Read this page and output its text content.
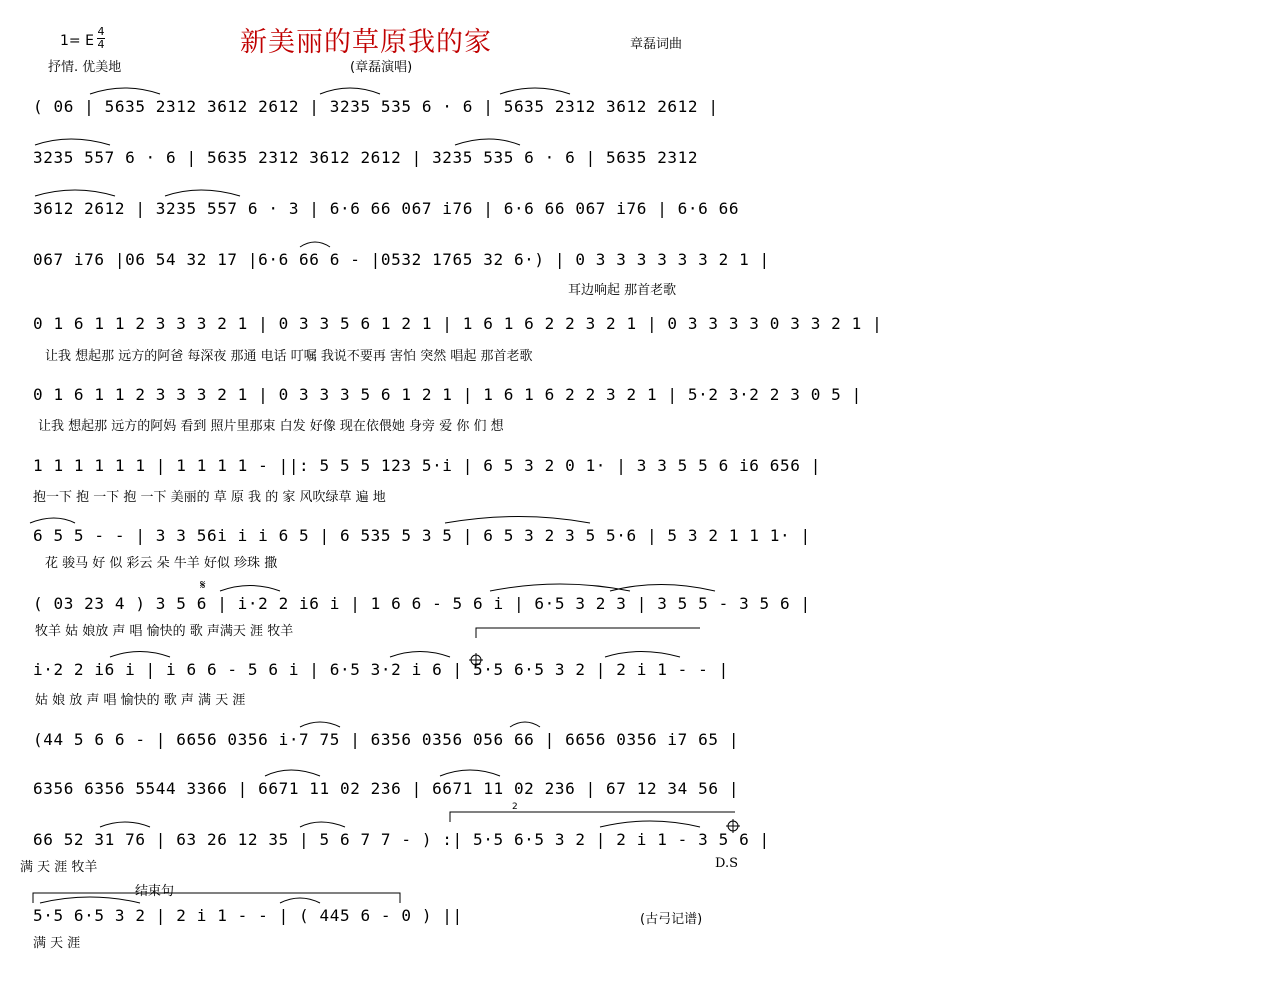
新美丽的草原我的家
1= E
4
4
抒情. 优美地
章磊词曲
(章磊演唱)
( 06 | 5635 2312 3612 2612 | 3235 535 6 · 6 | 5635 2312 3612 2612 |
3235 557 6 · 6 | 5635 2312 3612 2612 | 3235 535 6 · 6 | 5635 2312
3612 2612 | 3235 557 6 · 3 | 6·6 66 067 i76 | 6·6 66 067 i76 | 6·6 66
067 i76 |06 54 32 17 |6·6 66 6 - |0532 1765 32 6·) | 0 3 3 3 3 3 3 2 1 |
耳边响起 那首老歌
0 1 6 1 1 2 3 3 3 2 1 | 0 3 3 5 6 1 2 1 | 1 6 1 6 2 2 3 2 1 | 0 3 3 3 3 0 3 3 2 1 |
让我 想起那 远方的阿爸 每深夜 那通 电话 叮嘱 我说不要再 害怕 突然 唱起 那首老歌
0 1 6 1 1 2 3 3 3 2 1 | 0 3 3 3 5 6 1 2 1 | 1 6 1 6 2 2 3 2 1 | 5·2 3·2 2 3 0 5 |
让我 想起那 远方的阿妈 看到 照片里那束 白发 好像 现在依偎她 身旁 爱 你 们 想
1 1 1 1 1 1 | 1 1 1 1 - ||: 5 5 5 123 5·i | 6 5 3 2 0 1· | 3 3 5 5 6 i6 656 |
抱一下 抱 一下 抱 一下 美丽的 草 原 我 的 家 风吹绿草 遍 地
6 5 5 - - | 3 3 56i i i 6 5 | 6 535 5 3 5 | 6 5 3 2 3 5 5·6 | 5 3 2 1 1 1· |
花 骏马 好 似 彩云 朵 牛羊 好似 珍珠 撒
( 03 23 4 ) 3 5 6 | i·2 2 i6 i | 1 6 6 - 5 6 i | 6·5 3 2 3 | 3 5 5 - 3 5 6 |
牧羊 姑 娘放 声 唱 愉快的 歌 声满天 涯 牧羊
i·2 2 i6 i | i 6 6 - 5 6 i | 6·5 3·2 i 6 | 5·5 6·5 3 2 | 2 i 1 - - |
姑 娘 放 声 唱 愉快的 歌 声 满 天 涯
(44 5 6 6 - | 6656 0356 i·7 75 | 6356 0356 056 66 | 6656 0356 i7 65 |
6356 6356 5544 3366 | 6671 11 02 236 | 6671 11 02 236 | 67 12 34 56 |
66 52 31 76 | 63 26 12 35 | 5 6 7 7 - ) :| 5·5 6·5 3 2 | 2 i 1 - 3 5 6 |
满 天 涯 牧羊
5·5 6·5 3 2 | 2 i 1 - - | ( 445 6 - 0 ) ||
满 天 涯
𝄋
D.S
结束句
(古弓记谱)
2
